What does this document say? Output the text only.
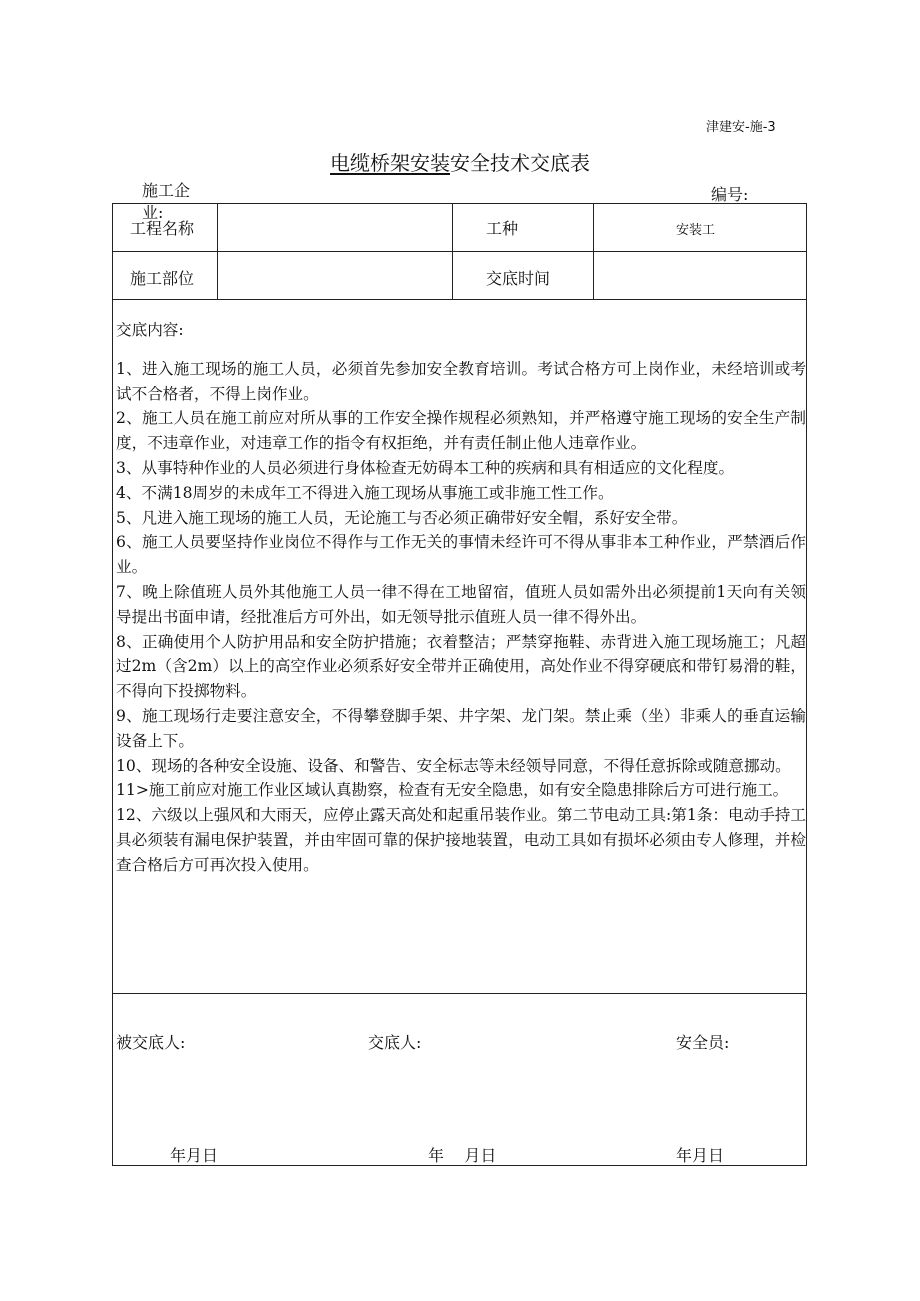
津建安-施-3
电缆桥架安装安全技术交底表
施工企业:
编号:
工程名称	工种	安装工
施工部位	交底时间

交底内容:

1、进入施工现场的施工人员，必须首先参加安全教育培训。考试合格方可上岗作业，未经培训或考试不合格者，不得上岗作业。

2、施工人员在施工前应对所从事的工作安全操作规程必须熟知，并严格遵守施工现场的安全生产制度，不违章作业，对违章工作的指令有权拒绝，并有责任制止他人违章作业。

3、从事特种作业的人员必须进行身体检查无妨碍本工种的疾病和具有相适应的文化程度。

4、不满18周岁的未成年工不得进入施工现场从事施工或非施工性工作。

5、凡进入施工现场的施工人员，无论施工与否必须正确带好安全帽，系好安全带。

6、施工人员要坚持作业岗位不得作与工作无关的事情未经许可不得从事非本工种作业，严禁酒后作业。

7、晚上除值班人员外其他施工人员一律不得在工地留宿，值班人员如需外出必须提前1天向有关领导提出书面申请，经批准后方可外出，如无领导批示值班人员一律不得外出。

8、正确使用个人防护用品和安全防护措施；衣着整洁；严禁穿拖鞋、赤背进入施工现场施工；凡超过2m（含2m）以上的高空作业必须系好安全带并正确使用，高处作业不得穿硬底和带钉易滑的鞋，不得向下投掷物料。

9、施工现场行走要注意安全，不得攀登脚手架、井字架、龙门架。禁止乘（坐）非乘人的垂直运输设备上下。

10、现场的各种安全设施、设备、和警告、安全标志等未经领导同意，不得任意拆除或随意挪动。

11>施工前应对施工作业区域认真勘察，检查有无安全隐患，如有安全隐患排除后方可进行施工。

12、六级以上强风和大雨天，应停止露天高处和起重吊装作业。第二节电动工具:第1条：电动手持工具必须装有漏电保护装置，并由牢固可靠的保护接地装置，电动工具如有损坏必须由专人修理，并检查合格后方可再次投入使用。

被交底人:	交底人:	安全员:
年月日	年    月日	年月日
